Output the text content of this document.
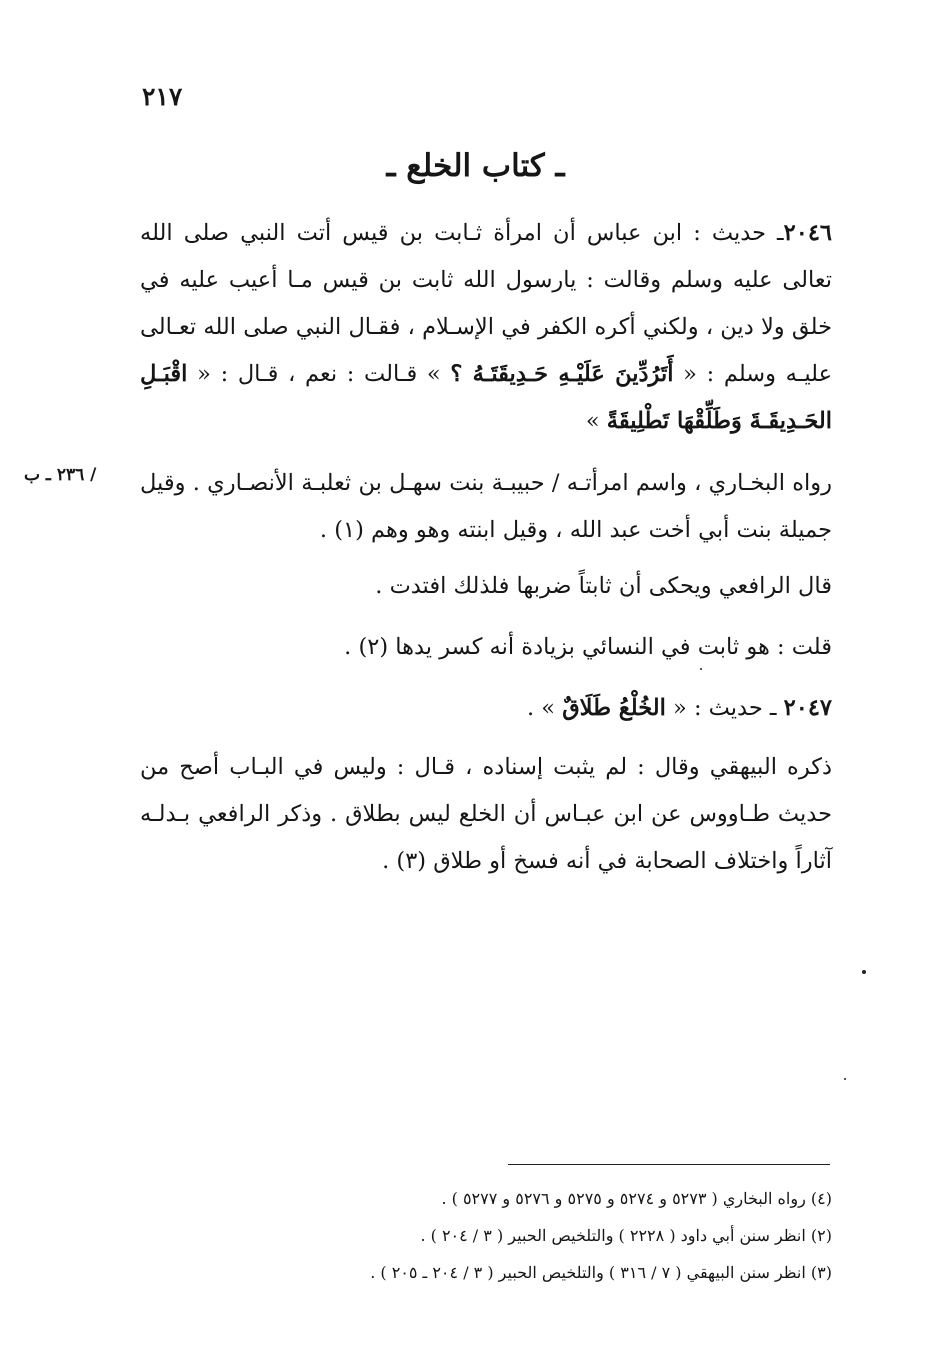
٢١٧
ـ كتاب الخلع ـ
٢٠٤٦ـ حديث : ابن عباس أن امرأة ثـابت بن قيس أتت النبي صلى الله تعالى عليه وسلم وقالت : يارسول الله ثابت بن قيس مـا أعيب عليه في خلق ولا دين ، ولكني أكره الكفر في الإسـلام ، فقـال النبي صلى الله تعـالى عليـه وسلم : « أَتَرُدِّينَ عَلَيْـهِ حَـدِيقَتَـهُ ؟ » قـالت : نعم ، قـال : « اقْبَـلِ الحَـدِيقَـةَ وَطَلِّقْهَا تَطْلِيقَةً »
/ ٢٣٦ ـ ب رواه البخـاري ، واسم امرأتـه / حبيبـة بنت سهـل بن ثعلبـة الأنصـاري . وقيل جميلة بنت أبي أخت عبد الله ، وقيل ابنته وهو وهم (١) .
قال الرافعي ويحكى أن ثابتاً ضربها فلذلك افتدت .
قلت : هو ثابت في النسائي بزيادة أنه كسر يدها (٢) .
٢٠٤٧ ـ حديث : « الخُلْعُ طَلَاقٌ » .
ذكره البيهقي وقال : لم يثبت إسناده ، قـال : وليس في البـاب أصح من حديث طـاووس عن ابن عبـاس أن الخلع ليس بطلاق . وذكر الرافعي بـدلـه آثاراً واختلاف الصحابة في أنه فسخ أو طلاق (٣) .
(٤) رواه البخاري ( ٥٢٧٣ و ٥٢٧٤ و ٥٢٧٥ و ٥٢٧٦ و ٥٢٧٧ ) .
(٢) انظر سنن أبي داود ( ٢٢٢٨ ) والتلخيص الحبير ( ٣ / ٢٠٤ ) .
(٣) انظر سنن البيهقي ( ٧ / ٣١٦ ) والتلخيص الحبير ( ٣ / ٢٠٤ ـ ٢٠٥ ) .
